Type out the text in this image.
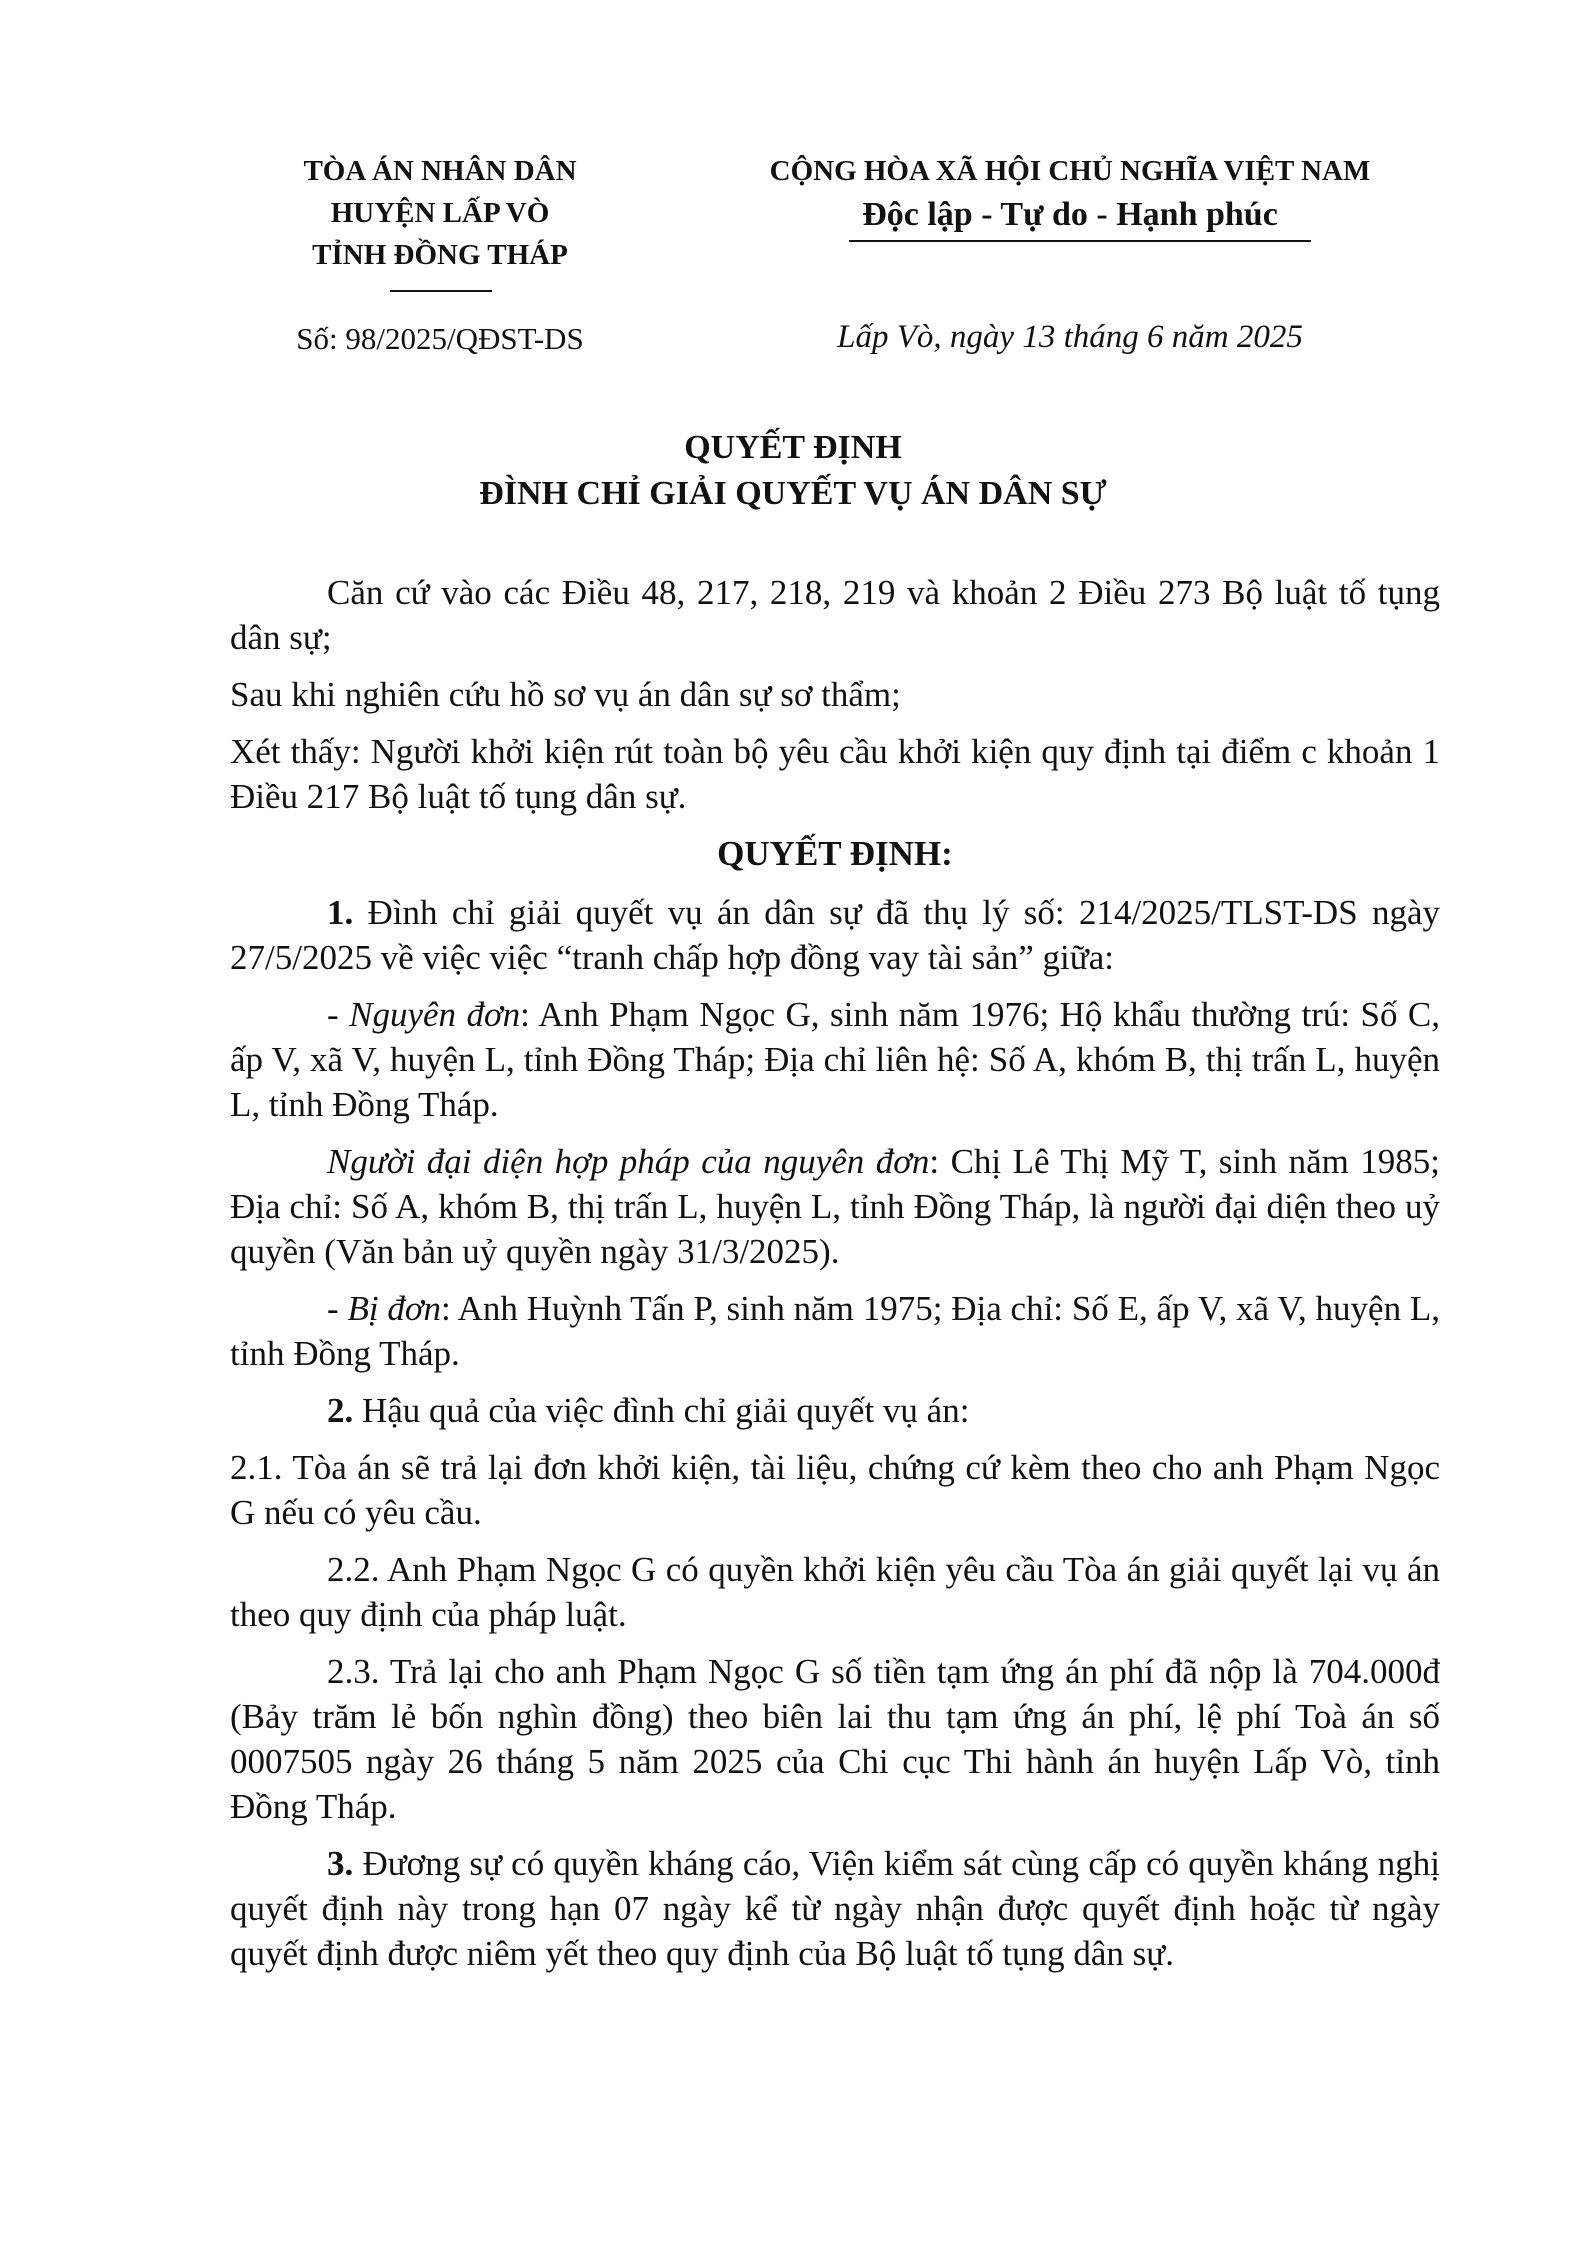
TÒA ÁN NHÂN DÂN
HUYỆN LẤP VÒ
TỈNH ĐỒNG THÁP
CỘNG HÒA XÃ HỘI CHỦ NGHĨA VIỆT NAM
Độc lập - Tự do - Hạnh phúc
Số: 98/2025/QĐST-DS	Lấp Vò, ngày 13 tháng 6 năm 2025
QUYẾT ĐỊNH
ĐÌNH CHỈ GIẢI QUYẾT VỤ ÁN DÂN SỰ

Căn cứ vào các Điều 48, 217, 218, 219 và khoản 2 Điều 273 Bộ luật tố tụng dân sự;

Sau khi nghiên cứu hồ sơ vụ án dân sự sơ thẩm;

Xét thấy: Người khởi kiện rút toàn bộ yêu cầu khởi kiện quy định tại điểm c khoản 1 Điều 217 Bộ luật tố tụng dân sự.

QUYẾT ĐỊNH:

1. Đình chỉ giải quyết vụ án dân sự đã thụ lý số: 214/2025/TLST-DS ngày 27/5/2025 về việc việc “tranh chấp hợp đồng vay tài sản” giữa:

- Nguyên đơn: Anh Phạm Ngọc G, sinh năm 1976; Hộ khẩu thường trú: Số C, ấp V, xã V, huyện L, tỉnh Đồng Tháp; Địa chỉ liên hệ: Số A, khóm B, thị trấn L, huyện L, tỉnh Đồng Tháp.

Người đại diện hợp pháp của nguyên đơn: Chị Lê Thị Mỹ T, sinh năm 1985; Địa chỉ: Số A, khóm B, thị trấn L, huyện L, tỉnh Đồng Tháp, là người đại diện theo uỷ quyền (Văn bản uỷ quyền ngày 31/3/2025).

- Bị đơn: Anh Huỳnh Tấn P, sinh năm 1975; Địa chỉ: Số E, ấp V, xã V, huyện L, tỉnh Đồng Tháp.

2. Hậu quả của việc đình chỉ giải quyết vụ án:

2.1. Tòa án sẽ trả lại đơn khởi kiện, tài liệu, chứng cứ kèm theo cho anh Phạm Ngọc G nếu có yêu cầu.

2.2. Anh Phạm Ngọc G có quyền khởi kiện yêu cầu Tòa án giải quyết lại vụ án theo quy định của pháp luật.

2.3. Trả lại cho anh Phạm Ngọc G số tiền tạm ứng án phí đã nộp là 704.000đ (Bảy trăm lẻ bốn nghìn đồng) theo biên lai thu tạm ứng án phí, lệ phí Toà án số 0007505 ngày 26 tháng 5 năm 2025 của Chi cục Thi hành án huyện Lấp Vò, tỉnh Đồng Tháp.

3. Đương sự có quyền kháng cáo, Viện kiểm sát cùng cấp có quyền kháng nghị quyết định này trong hạn 07 ngày kể từ ngày nhận được quyết định hoặc từ ngày quyết định được niêm yết theo quy định của Bộ luật tố tụng dân sự.
